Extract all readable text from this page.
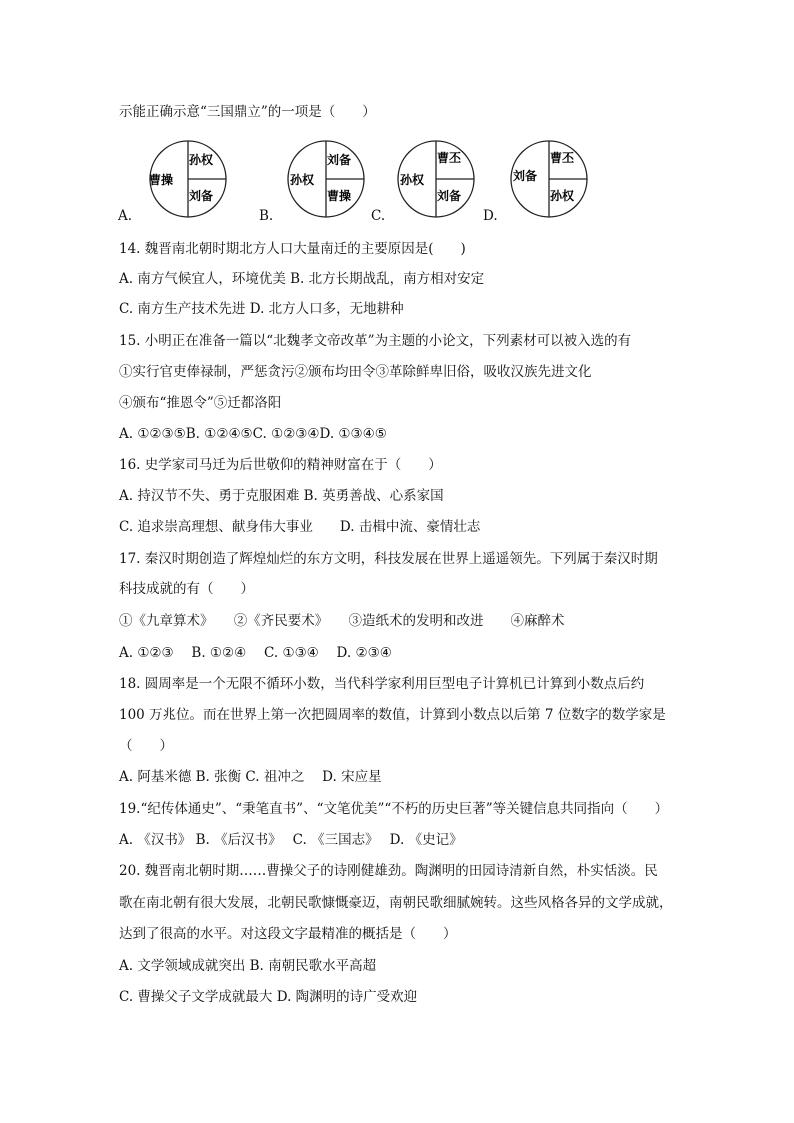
示能正确示意“三国鼎立”的一项是（　　）
A.
孙权
曹操
刘备
B.
刘备
孙权
曹操
C.
曹丕
孙权
刘备
D.
曹丕
刘备
孙权
14. 魏晋南北朝时期北方人口大量南迁的主要原因是(　　)
A. 南方气候宜人，环境优美 B. 北方长期战乱，南方相对安定
C. 南方生产技术先进 D. 北方人口多，无地耕种
15. 小明正在准备一篇以“北魏孝文帝改革”为主题的小论文，下列素材可以被入选的有
①实行官吏俸禄制，严惩贪污②颁布均田令③革除鲜卑旧俗，吸收汉族先进文化
④颁布“推恩令”⑤迁都洛阳
A. ①②③⑤B. ①②④⑤C. ①②③④D. ①③④⑤
16. 史学家司马迁为后世敬仰的精神财富在于（　　）
A. 持汉节不失、勇于克服困难 B. 英勇善战、心系家国
C. 追求崇高理想、献身伟大事业　　D. 击楫中流、豪情壮志
17. 秦汉时期创造了辉煌灿烂的东方文明，科技发展在世界上遥遥领先。下列属于秦汉时期
科技成就的有（　　）
①《九章算术》　　②《齐民要术》　　③造纸术的发明和改进　　④麻醉术
A. ①②③　 B. ①②④　 C. ①③④　 D. ②③④
18. 圆周率是一个无限不循环小数，当代科学家利用巨型电子计算机已计算到小数点后约
100 万兆位。而在世界上第一次把圆周率的数值，计算到小数点以后第 7 位数字的数学家是
（　　）
A. 阿基米德 B. 张衡 C. 祖冲之　 D. 宋应星
19.“纪传体通史”、“秉笔直书”、“文笔优美”“不朽的历史巨著”等关键信息共同指向（　　）
A. 《汉书》 B. 《后汉书》　 C. 《三国志》　 D. 《史记》
20. 魏晋南北朝时期……曹操父子的诗刚健雄劲。陶渊明的田园诗清新自然，朴实恬淡。民
歌在南北朝有很大发展，北朝民歌慷慨豪迈，南朝民歌细腻婉转。这些风格各异的文学成就，
达到了很高的水平。对这段文字最精准的概括是（　　）
A. 文学领域成就突出 B. 南朝民歌水平高超
C. 曹操父子文学成就最大 D. 陶渊明的诗广受欢迎
